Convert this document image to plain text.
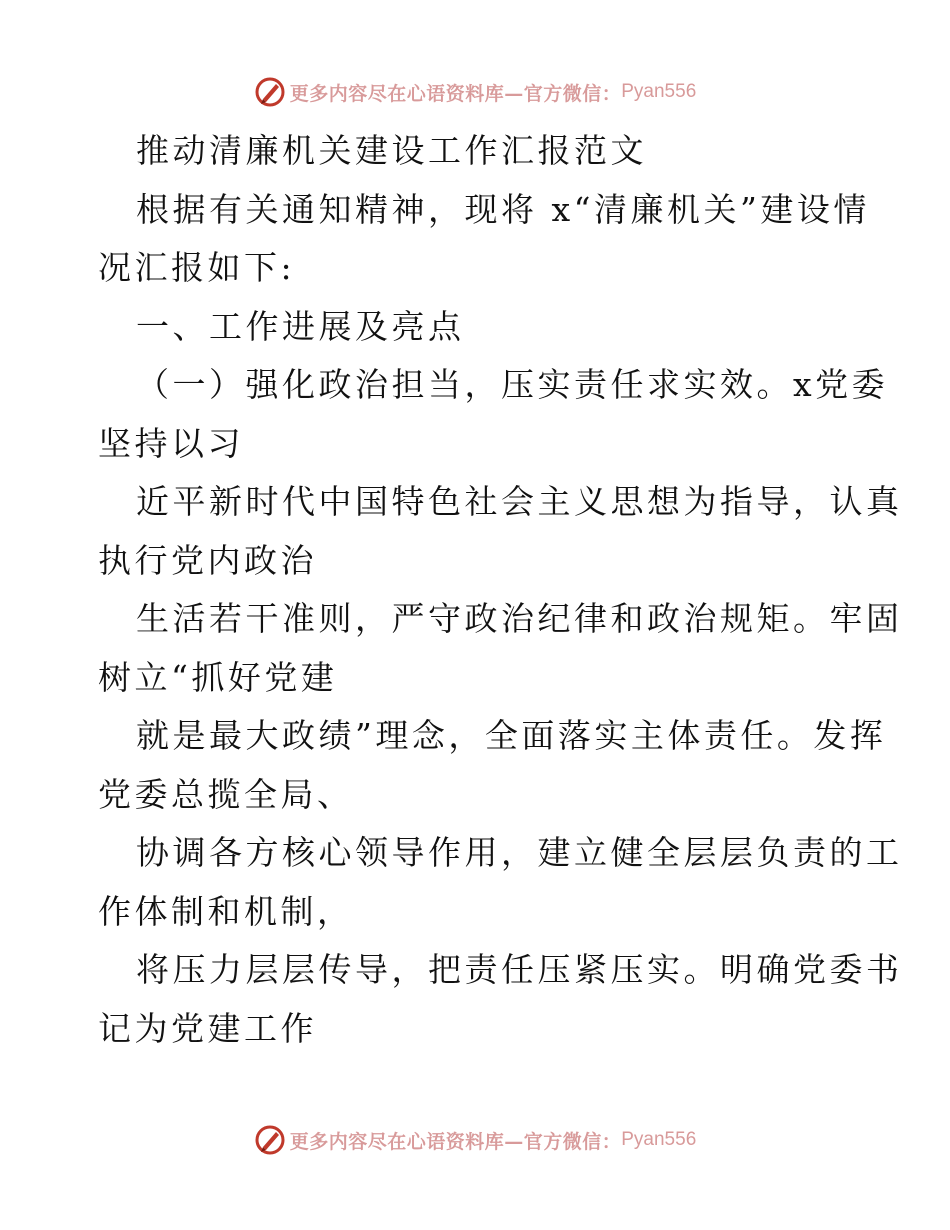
更多内容尽在心语资料库—官方微信： Pyan556
推动清廉机关建设工作汇报范文
根据有关通知精神，现将 x“清廉机关”建设情
况汇报如下:
一、工作进展及亮点
（一）强化政治担当，压实责任求实效。x党委
坚持以习
近平新时代中国特色社会主义思想为指导，认真
执行党内政治
生活若干准则，严守政治纪律和政治规矩。牢固
树立“抓好党建
就是最大政绩”理念，全面落实主体责任。发挥
党委总揽全局、
协调各方核心领导作用，建立健全层层负责的工
作体制和机制，
将压力层层传导，把责任压紧压实。明确党委书
记为党建工作
更多内容尽在心语资料库—官方微信： Pyan556
